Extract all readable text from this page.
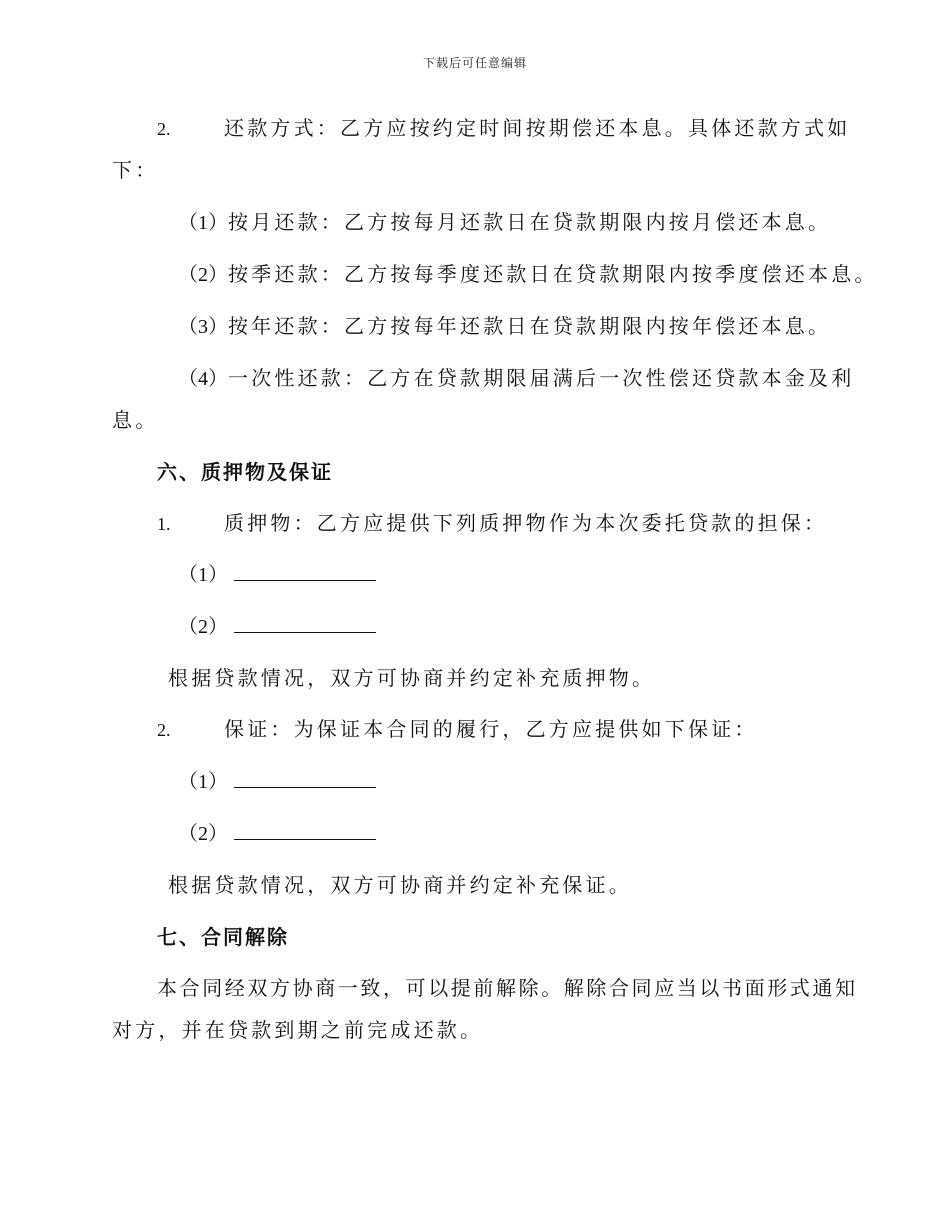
下载后可任意编辑
2.	还款方式：乙方应按约定时间按期偿还本息。具体还款方式如
下：
（1）按月还款：乙方按每月还款日在贷款期限内按月偿还本息。
（2）按季还款：乙方按每季度还款日在贷款期限内按季度偿还本息。
（3）按年还款：乙方按每年还款日在贷款期限内按年偿还本息。
（4）一次性还款：乙方在贷款期限届满后一次性偿还贷款本金及利
息。
六、质押物及保证
1.	质押物：乙方应提供下列质押物作为本次委托贷款的担保：
（1）
（2）
根据贷款情况，双方可协商并约定补充质押物。
2.	保证：为保证本合同的履行，乙方应提供如下保证：
（1）
（2）
根据贷款情况，双方可协商并约定补充保证。
七、合同解除
本合同经双方协商一致，可以提前解除。解除合同应当以书面形式通知
对方，并在贷款到期之前完成还款。
